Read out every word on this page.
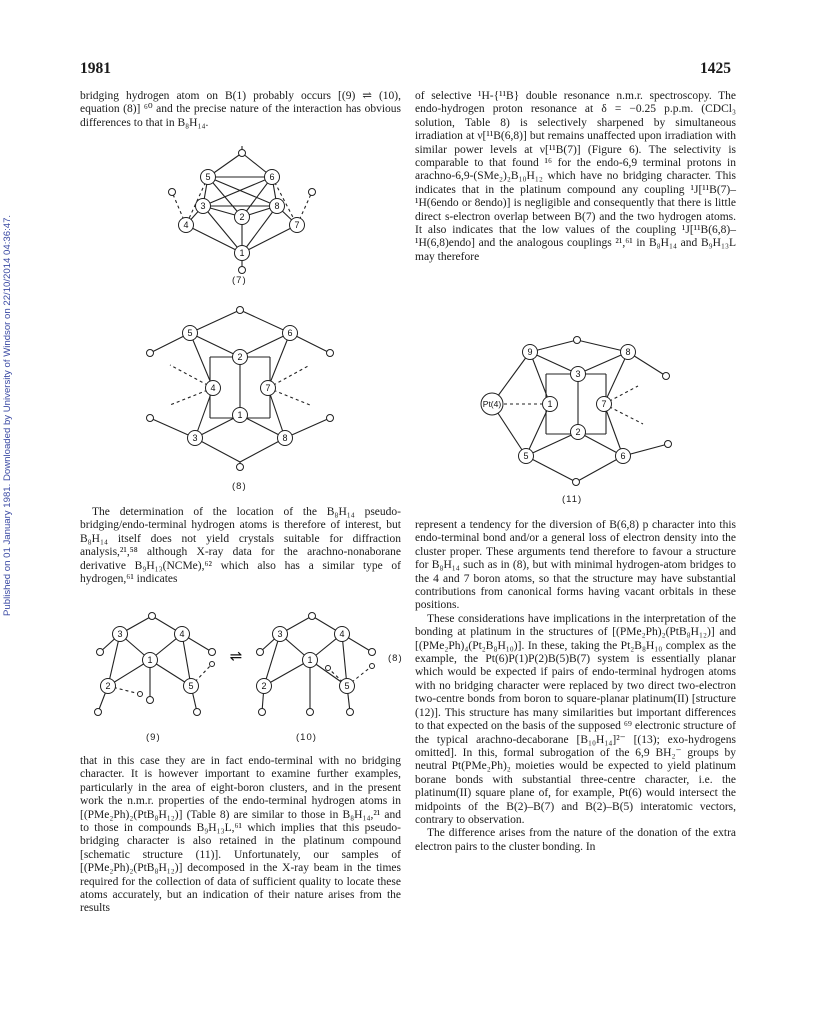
Published on 01 January 1981. Downloaded by University of Windsor on 22/10/2014 04:36:47.
1981	1425

bridging hydrogen atom on B(1) probably occurs [(9) ⇌ (10), equation (8)] ⁶⁰ and the precise nature of the interaction has obvious differences to that in B₈H₁₄.

1
2
3
4
5	6
7
8
(7)
1
2
3
4
5	6
7
8
(8)

The determination of the location of the B₈H₁₄ pseudo-bridging/endo-terminal hydrogen atoms is therefore of interest, but B₈H₁₄ itself does not yield crystals suitable for diffraction analysis,²¹,⁵⁸ although X-ray data for the arachno-nonaborane derivative B₉H₁₃(NCMe),⁶² which also has a similar type of hydrogen,⁶¹ indicates

1
2
3	4
5
⇌	1
2
3	4
5
(8)
(9)	(10)

that in this case they are in fact endo-terminal with no bridging character. It is however important to examine further examples, particularly in the area of eight-boron clusters, and in the present work the n.m.r. properties of the endo-terminal hydrogen atoms in [(PMe₂Ph)₂(PtB₈H₁₂)] (Table 8) are similar to those in B₈H₁₄,²¹ and to those in compounds B₉H₁₃L,⁶¹ which implies that this pseudo-bridging character is also retained in the platinum compound [schematic structure (11)]. Unfortunately, our samples of [(PMe₂Ph)₂(PtB₈H₁₂)] decomposed in the X-ray beam in the times required for the collection of data of sufficient quality to locate these atoms accurately, but an indication of their nature arises from the results

of selective ¹H-{¹¹B} double resonance n.m.r. spectroscopy. The endo-hydrogen proton resonance at δ = −0.25 p.p.m. (CDCl₃ solution, Table 8) is selectively sharpened by simultaneous irradiation at ν[¹¹B(6,8)] but remains unaffected upon irradiation with similar power levels at ν[¹¹B(7)] (Figure 6). The selectivity is comparable to that found ¹⁶ for the endo-6,9 terminal protons in arachno-6,9-(SMe₂)₂B₁₀H₁₂ which have no bridging character. This indicates that in the platinum compound any coupling ¹J[¹¹B(7)–¹H(6endo or 8endo)] is negligible and consequently that there is little direct s-electron overlap between B(7) and the two hydrogen atoms. It also indicates that the low values of the coupling ¹J[¹¹B(6,8)–¹H(6,8)endo] and the analogous couplings ²¹,⁶¹ in B₈H₁₄ and B₉H₁₃L may therefore

Pt(4)	1
2
3
6
7
8
9
5
(11)

represent a tendency for the diversion of B(6,8) p character into this endo-terminal bond and/or a general loss of electron density into the cluster proper. These arguments tend therefore to favour a structure for B₈H₁₄ such as in (8), but with minimal hydrogen-atom bridges to the 4 and 7 boron atoms, so that the structure may have substantial contributions from canonical forms having vacant orbitals in these positions.

These considerations have implications in the interpretation of the bonding at platinum in the structures of [(PMe₂Ph)₂(PtB₈H₁₂)] and [(PMe₂Ph)₄(Pt₂B₈H₁₀)]. In these, taking the Pt₂B₈H₁₀ complex as the example, the Pt(6)P(1)P(2)B(5)B(7) system is essentially planar which would be expected if pairs of endo-terminal hydrogen atoms with no bridging character were replaced by two direct two-electron two-centre bonds from boron to square-planar platinum(II) [structure (12)]. This structure has many similarities but important differences to that expected on the basis of the supposed ⁶⁹ electronic structure of the typical arachno-decaborane [B₁₀H₁₄]²⁻ [(13); exo-hydrogens omitted]. In this, formal subrogation of the 6,9 BH₂⁻ groups by neutral Pt(PMe₂Ph)₂ moieties would be expected to yield platinum borane bonds with substantial three-centre character, i.e. the platinum(II) square plane of, for example, Pt(6) would intersect the midpoints of the B(2)–B(7) and B(2)–B(5) interatomic vectors, contrary to observation.

The difference arises from the nature of the donation of the extra electron pairs to the cluster bonding. In
